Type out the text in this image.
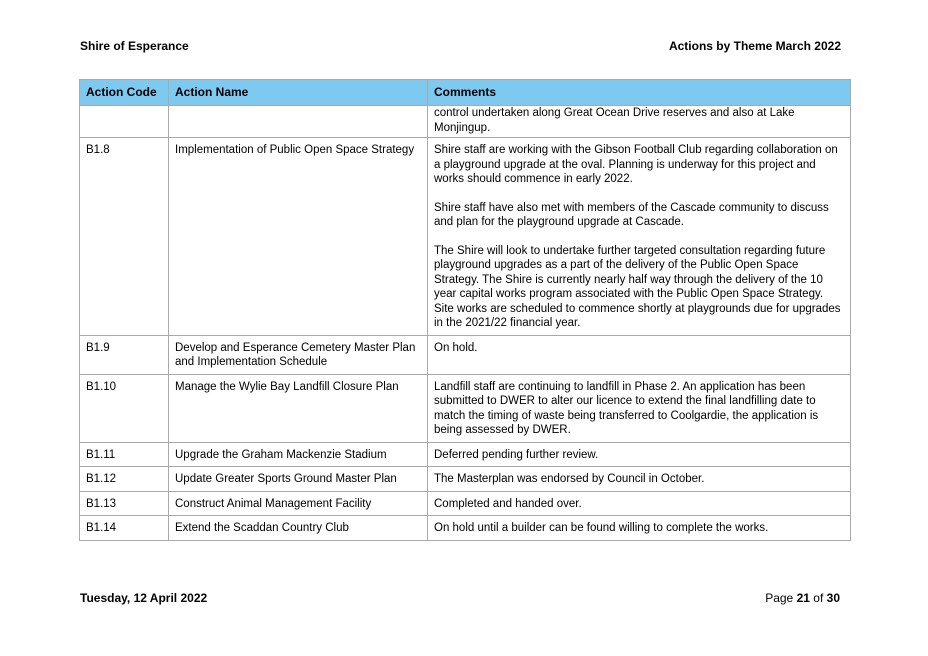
Shire of Esperance	Actions by Theme March 2022
Action Code	Action Name	Comments
		control undertaken along Great Ocean Drive reserves and also at Lake Monjingup.
B1.8	Implementation of Public Open Space Strategy	Shire staff are working with the Gibson Football Club regarding collaboration on a playground upgrade at the oval. Planning is underway for this project and works should commence in early 2022.
Shire staff have also met with members of the Cascade community to discuss and plan for the playground upgrade at Cascade.
The Shire will look to undertake further targeted consultation regarding future playground upgrades as a part of the delivery of the Public Open Space Strategy. The Shire is currently nearly half way through the delivery of the 10 year capital works program associated with the Public Open Space Strategy. Site works are scheduled to commence shortly at playgrounds due for upgrades in the 2021/22 financial year.

B1.9	Develop and Esperance Cemetery Master Plan and Implementation Schedule	On hold.

B1.10	Manage the Wylie Bay Landfill Closure Plan	Landfill staff are continuing to landfill in Phase 2. An application has been submitted to DWER to alter our licence to extend the final landfilling date to match the timing of waste being transferred to Coolgardie, the application is being assessed by DWER.

B1.11	Upgrade the Graham Mackenzie Stadium	Deferred pending further review.

B1.12	Update Greater Sports Ground Master Plan	The Masterplan was endorsed by Council in October.

B1.13	Construct Animal Management Facility	Completed and handed over.

B1.14	Extend the Scaddan Country Club	On hold until a builder can be found willing to complete the works.
Tuesday, 12 April 2022	Page 21 of 30
